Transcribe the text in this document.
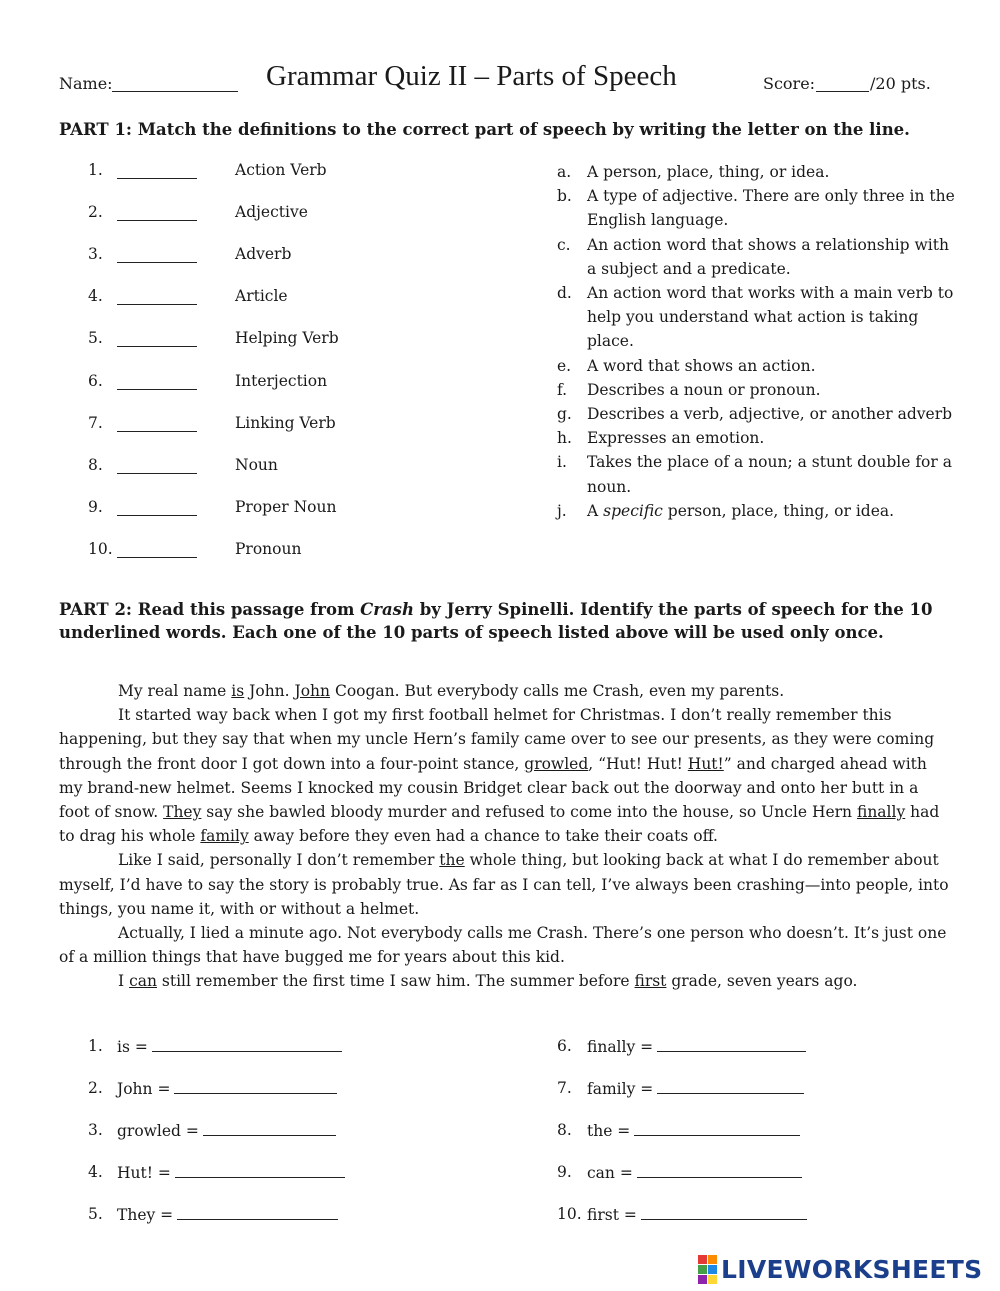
Name:	Grammar Quiz II – Parts of Speech	Score:	/20 pts.
PART 1: Match the definitions to the correct part of speech by writing the letter on the line.
1.	Action Verb
2.	Adjective
3.	Adverb
4.	Article
5.	Helping Verb
6.	Interjection
7.	Linking Verb
8.	Noun
9.	Proper Noun
10.	Pronoun
a.	A person, place, thing, or idea.
b. A type of adjective. There are only three in the English language.
c.	An action word that shows a relationship with a subject and a predicate.
d. An action word that works with a main verb to help you understand what action is taking place.
e.	A word that shows an action.
f.	Describes a noun or pronoun.
g. Describes a verb, adjective, or another adverb
h. Expresses an emotion.
i.	Takes the place of a noun; a stunt double for a noun.
j.	A specific person, place, thing, or idea.
PART 2: Read this passage from Crash by Jerry Spinelli. Identify the parts of speech for the 10 underlined words. Each one of the 10 parts of speech listed above will be used only once.

My real name is John. John Coogan. But everybody calls me Crash, even my parents.

It started way back when I got my first football helmet for Christmas. I don’t really remember this happening, but they say that when my uncle Hern’s family came over to see our presents, as they were coming through the front door I got down into a four-point stance, growled, “Hut! Hut! Hut!” and charged ahead with my brand-new helmet. Seems I knocked my cousin Bridget clear back out the doorway and onto her butt in a foot of snow. They say she bawled bloody murder and refused to come into the house, so Uncle Hern finally had to drag his whole family away before they even had a chance to take their coats off.

Like I said, personally I don’t remember the whole thing, but looking back at what I do remember about myself, I’d have to say the story is probably true. As far as I can tell, I’ve always been crashing—into people, into things, you name it, with or without a helmet.

Actually, I lied a minute ago. Not everybody calls me Crash. There’s one person who doesn’t. It’s just one of a million things that have bugged me for years about this kid.

I can still remember the first time I saw him. The summer before first grade, seven years ago.

1. is =
2. John =
3. growled =
4. Hut! =
5. They =
6. finally =
7. family =
8. the =
9. can =
10. first =
LIVEWORKSHEETS
